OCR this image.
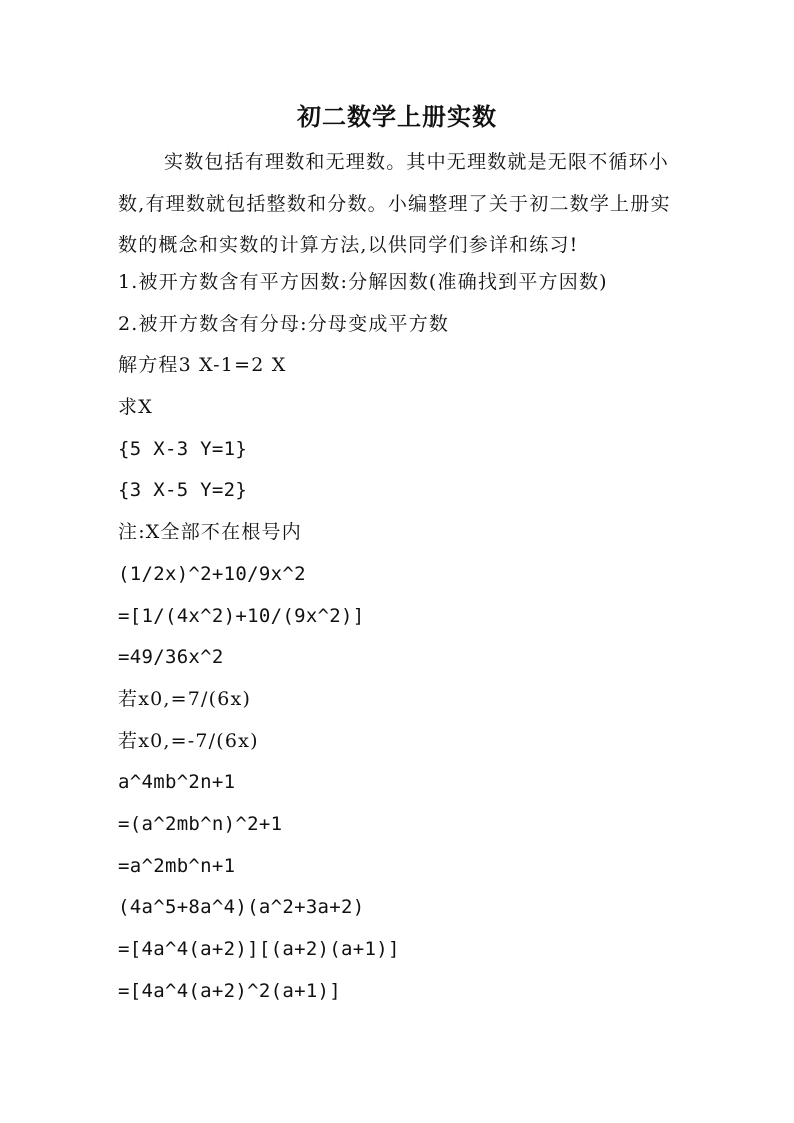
初二数学上册实数
实数包括有理数和无理数。其中无理数就是无限不循环小数,有理数就包括整数和分数。小编整理了关于初二数学上册实数的概念和实数的计算方法,以供同学们参详和练习!
1.被开方数含有平方因数:分解因数(准确找到平方因数)
2.被开方数含有分母:分母变成平方数
解方程3 X-1=2 X
求X
{5 X-3 Y=1}
{3 X-5 Y=2}
注:X全部不在根号内
(1/2x)^2+10/9x^2
=[1/(4x^2)+10/(9x^2)]
=49/36x^2
若x0,=7/(6x)
若x0,=-7/(6x)
a^4mb^2n+1
=(a^2mb^n)^2+1
=a^2mb^n+1
(4a^5+8a^4)(a^2+3a+2)
=[4a^4(a+2)][(a+2)(a+1)]
=[4a^4(a+2)^2(a+1)]
